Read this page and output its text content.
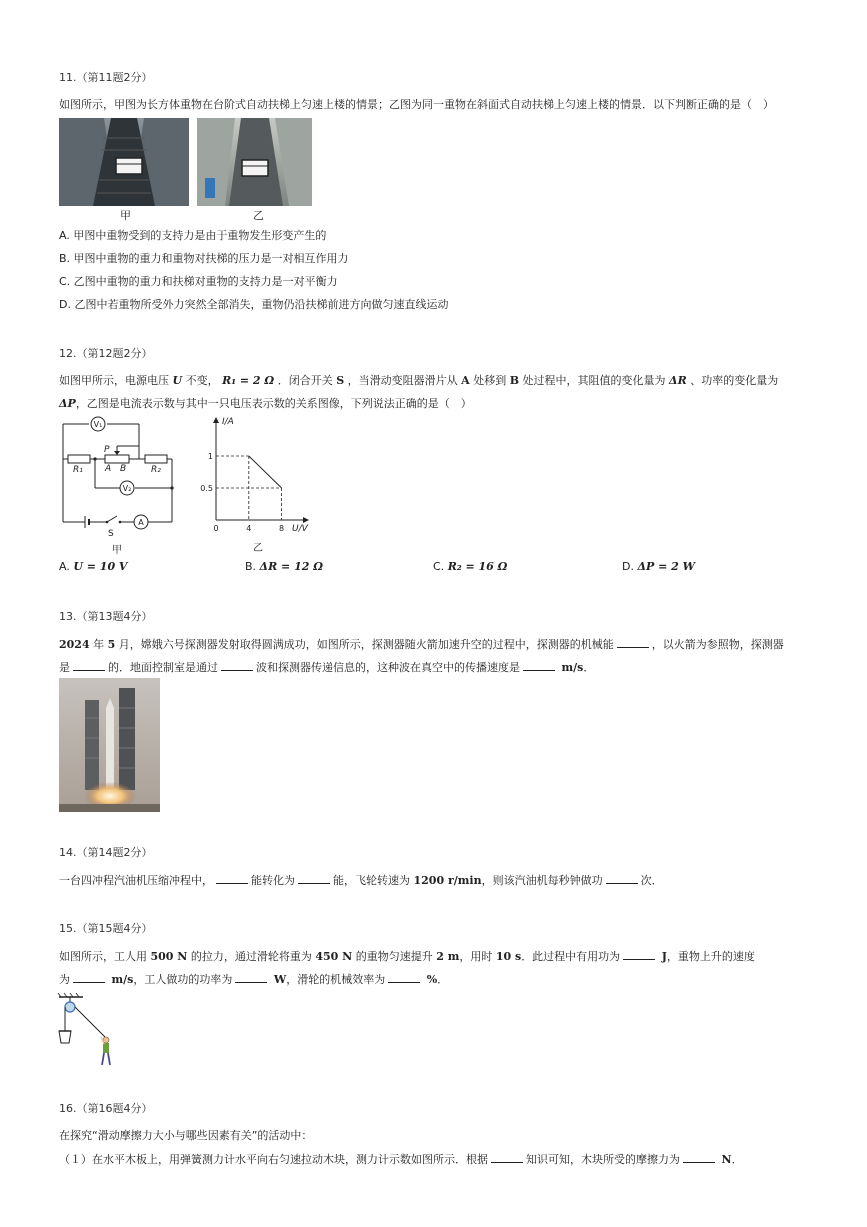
11.（第11题2分）
如图所示，甲图为长方体重物在台阶式自动扶梯上匀速上楼的情景；乙图为同一重物在斜面式自动扶梯上匀速上楼的情景．以下判断正确的是（　）
甲	乙
A. 甲图中重物受到的支持力是由于重物发生形变产生的
B. 甲图中重物的重力和重物对扶梯的压力是一对相互作用力
C. 乙图中重物的重力和扶梯对重物的支持力是一对平衡力
D. 乙图中若重物所受外力突然全部消失，重物仍沿扶梯前进方向做匀速直线运动
12.（第12题2分）
如图甲所示，电源电压 U 不变， R₁ = 2 Ω ．闭合开关 S ，当滑动变阻器滑片从 A 处移到 B 处过程中，其阻值的变化量为 ΔR 、功率的变化量为
ΔP，乙图是电流表示数与其中一只电压表示数的关系图像，下列说法正确的是（　）
V₁
V₂
A
R₁	R₂
P
A B
S
甲
0	4	8
0.5
1
I/A
U/V
乙
A. U = 10 V	B. ΔR = 12 Ω	C. R₂ = 16 Ω	D. ΔP = 2 W
13.（第13题4分）
2024 年 5 月，嫦娥六号探测器发射取得圆满成功，如图所示，探测器随火箭加速升空的过程中，探测器的机械能	，以火箭为参照物，探测器
是	的．地面控制室是通过	波和探测器传递信息的，这种波在真空中的传播速度是	m/s．
14.（第14题2分）
一台四冲程汽油机压缩冲程中，	能转化为	能，飞轮转速为 1200 r/min，则该汽油机每秒钟做功	次．
15.（第15题4分）
如图所示，工人用 500 N 的拉力，通过滑轮将重为 450 N 的重物匀速提升 2 m，用时 10 s．此过程中有用功为	J，重物上升的速度
为	m/s，工人做功的功率为	W，滑轮的机械效率为	%．
16.（第16题4分）
在探究“滑动摩擦力大小与哪些因素有关”的活动中：
（１）在水平木板上，用弹簧测力计水平向右匀速拉动木块，测力计示数如图所示．根据	知识可知，木块所受的摩擦力为	N．
